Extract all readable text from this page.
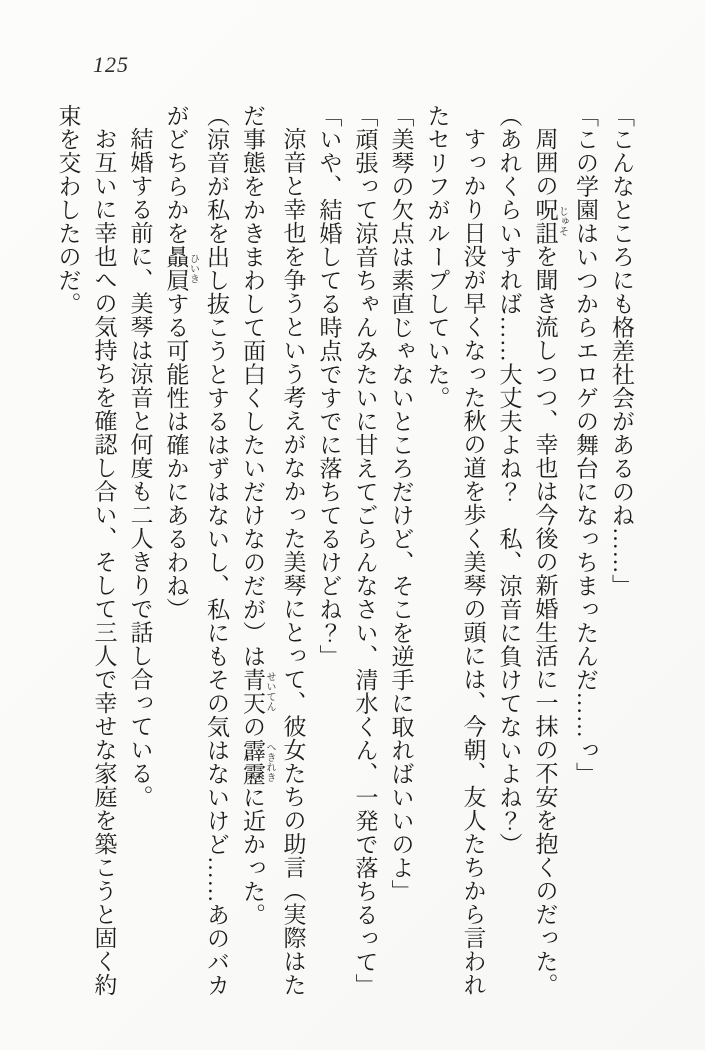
125
「こんなところにも格差社会があるのね……」
「この学園はいつからエロゲの舞台になっちまったんだ……っ」
周囲の呪詛 じゅそを聞き流しつつ、幸也は今後の新婚生活に一抹の不安を抱くのだった。
（あれくらいすれば……大丈夫よね？　私、涼音に負けてないよね？）
すっかり日没が早くなった秋の道を歩く美琴の頭には、今朝、友人たちから言われ
たセリフがループしていた。
「美琴の欠点は素直じゃないところだけど、そこを逆手に取ればいいのよ」
「頑張って涼音ちゃんみたいに甘えてごらんなさい、清水くん、一発で落ちるって」
「いや、結婚してる時点ですでに落ちてるけどね？」
涼音と幸也を争うという考えがなかった美琴にとって、彼女たちの助言（実際はた
だ事態をかきまわして面白くしたいだけなのだが）は青天 せいてんの霹靂 へきれきに近かった。
（涼音が私を出し抜こうとするはずはないし、私にもその気はないけど……あのバカ
がどちらかを贔屓 ひいきする可能性は確かにあるわね）
結婚する前に、美琴は涼音と何度も二人きりで話し合っている。
お互いに幸也への気持ちを確認し合い、そして三人で幸せな家庭を築こうと固く約
束を交わしたのだ。
